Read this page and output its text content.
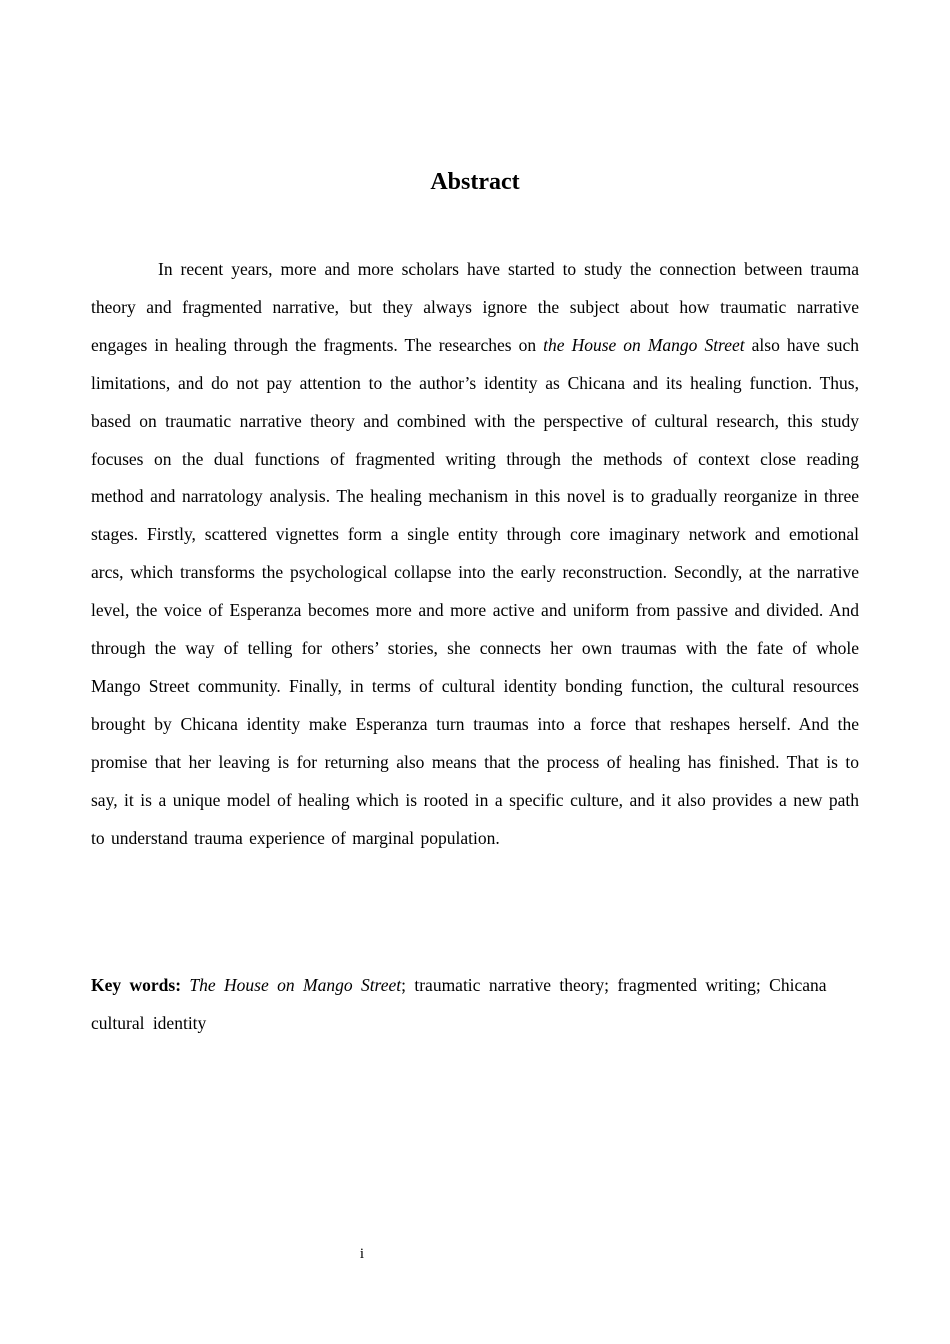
Abstract

In recent years, more and more scholars have started to study the connection between trauma theory and fragmented narrative, but they always ignore the subject about how traumatic narrative engages in healing through the fragments. The researches on the House on Mango Street also have such limitations, and do not pay attention to the author’s identity as Chicana and its healing function. Thus, based on traumatic narrative theory and combined with the perspective of cultural research, this study focuses on the dual functions of fragmented writing through the methods of context close reading method and narratology analysis. The healing mechanism in this novel is to gradually reorganize in three stages. Firstly, scattered vignettes form a single entity through core imaginary network and emotional arcs, which transforms the psychological collapse into the early reconstruction. Secondly, at the narrative level, the voice of Esperanza becomes more and more active and uniform from passive and divided. And through the way of telling for others’ stories, she connects her own traumas with the fate of whole Mango Street community. Finally, in terms of cultural identity bonding function, the cultural resources brought by Chicana identity make Esperanza turn traumas into a force that reshapes herself. And the promise that her leaving is for returning also means that the process of healing has finished. That is to say, it is a unique model of healing which is rooted in a specific culture, and it also provides a new path to understand trauma experience of marginal population.

Key words: The House on Mango Street; traumatic narrative theory; fragmented writing; Chicana cultural identity

i
